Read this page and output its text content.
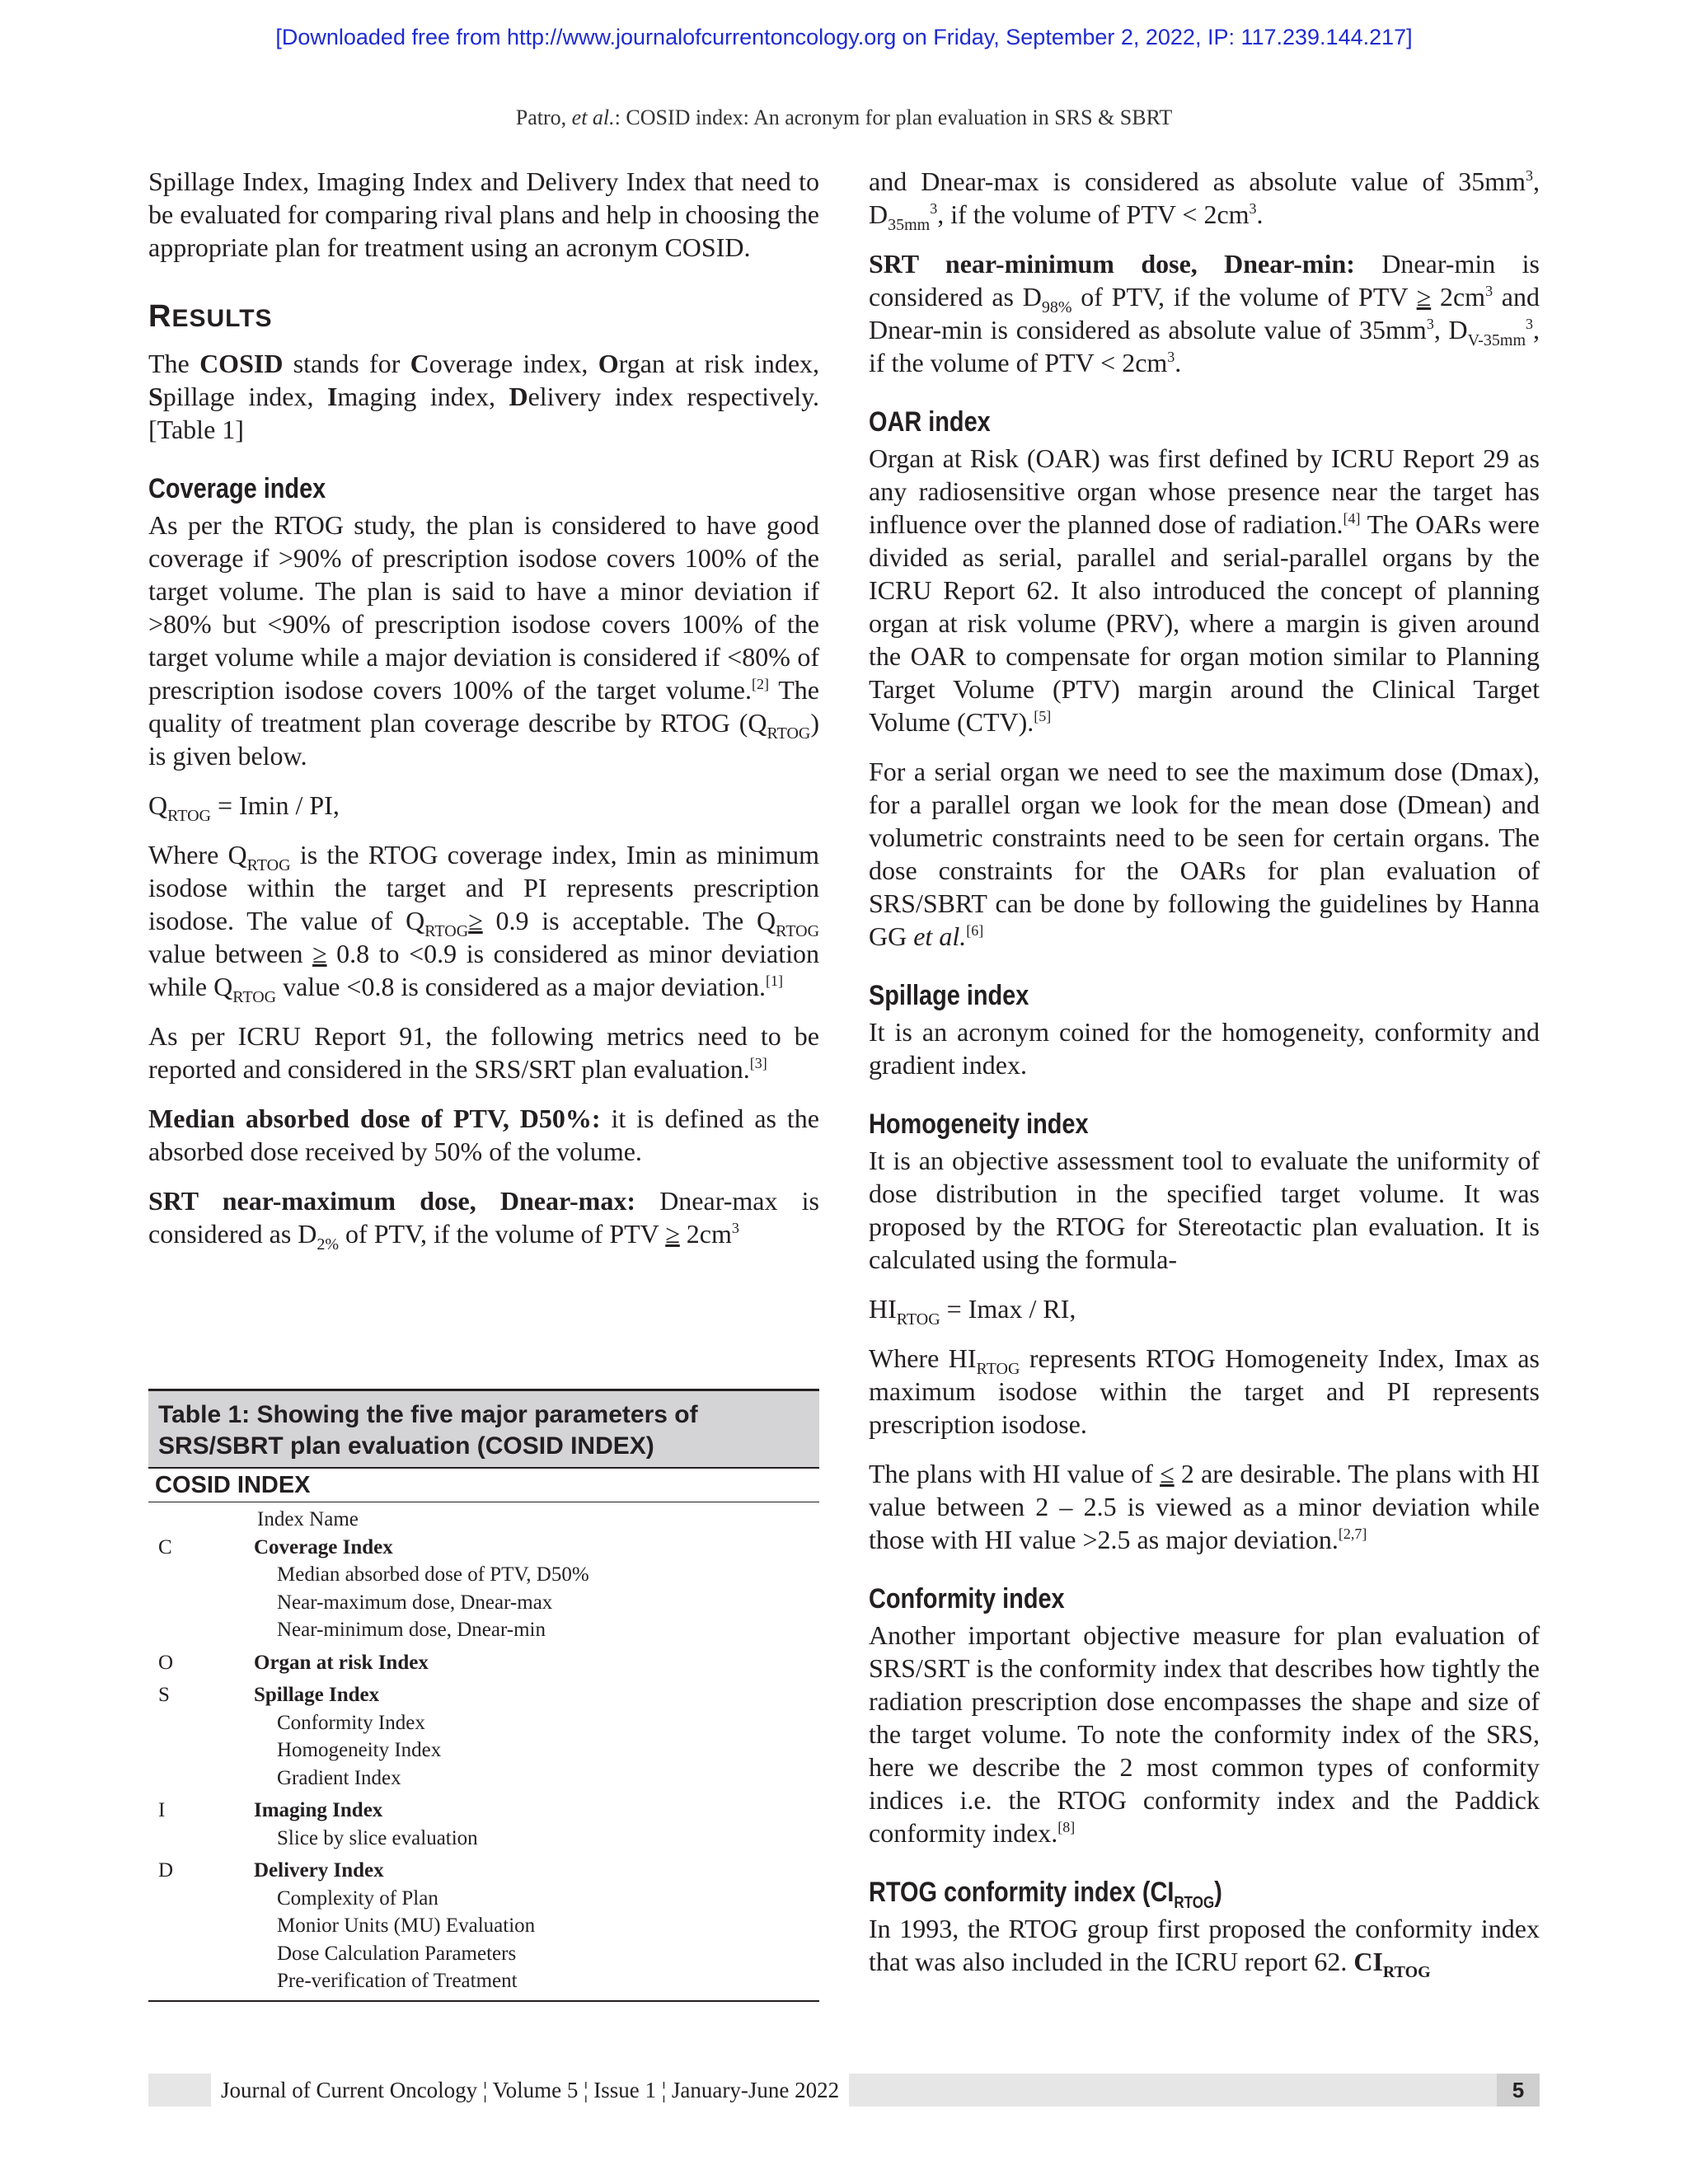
[Downloaded free from http://www.journalofcurrentoncology.org on Friday, September 2, 2022, IP: 117.239.144.217]
Patro, et al.: COSID index: An acronym for plan evaluation in SRS & SBRT

Spillage Index, Imaging Index and Delivery Index that need to be evaluated for comparing rival plans and help in choosing the appropriate plan for treatment using an acronym COSID.

RESULTS

The COSID stands for Coverage index, Organ at risk index, Spillage index, Imaging index, Delivery index respectively. [Table 1]

Coverage index

As per the RTOG study, the plan is considered to have good coverage if >90% of prescription isodose covers 100% of the target volume. The plan is said to have a minor deviation if >80% but <90% of prescription isodose covers 100% of the target volume while a major deviation is considered if <80% of prescription isodose covers 100% of the target volume.[2] The quality of treatment plan coverage describe by RTOG $(Q_{RTOG})$ is given below.

$Q_{RTOG} = Imin$ / PI,

Where $Q_{RTOG}$ is the RTOG coverage index, Imin as minimum isodose within the target and PI represents prescription isodose. The value of $Q_{RTOG}\ge 0.9$ is acceptable. The $Q_{RTOG}$ value between ≥ 0.8 to <0.9 is considered as minor deviation while $Q_{RTOG}$ value <0.8 is considered as a major deviation.[1]

As per ICRU Report 91, the following metrics need to be reported and considered in the SRS/SRT plan evaluation.[3]

Median absorbed dose of PTV, D50%: it is defined as the absorbed dose received by 50% of the volume.

SRT near-maximum dose, Dnear-max: Dnear-max is considered as $D_{2\%}$ of PTV, if the volume of PTV ≥ $2cm^3$

Table 1: Showing the five major parameters of SRS/SBRT plan evaluation (COSID INDEX)
COSID INDEX
Index Name
C	Coverage Index
Median absorbed dose of PTV, D50%
Near-maximum dose, Dnear-max
Near-minimum dose, Dnear-min
O	Organ at risk Index
S	Spillage Index
Conformity Index
Homogeneity Index
Gradient Index
I	Imaging Index
Slice by slice evaluation
D	Delivery Index
Complexity of Plan
Monior Units (MU) Evaluation
Dose Calculation Parameters
Pre-verification of Treatment

and Dnear-max is considered as absolute value of $35mm^3$, $D_{35mm}^3$, if the volume of PTV < $2cm^3$.

SRT near-minimum dose, Dnear-min: Dnear-min is considered as $D_{98\%}$ of PTV, if the volume of PTV ≥ $2cm^3$ and Dnear-min is considered as absolute value of $35mm^3$, $D_{V-35mm}^3$, if the volume of PTV < $2cm^3$.

OAR index

Organ at Risk (OAR) was first defined by ICRU Report 29 as any radiosensitive organ whose presence near the target has influence over the planned dose of radiation.[4] The OARs were divided as serial, parallel and serial-parallel organs by the ICRU Report 62. It also introduced the concept of planning organ at risk volume (PRV), where a margin is given around the OAR to compensate for organ motion similar to Planning Target Volume (PTV) margin around the Clinical Target Volume (CTV).[5]

For a serial organ we need to see the maximum dose (Dmax), for a parallel organ we look for the mean dose (Dmean) and volumetric constraints need to be seen for certain organs. The dose constraints for the OARs for plan evaluation of SRS/SBRT can be done by following the guidelines by Hanna GG et al.[6]

Spillage index

It is an acronym coined for the homogeneity, conformity and gradient index.

Homogeneity index

It is an objective assessment tool to evaluate the uniformity of dose distribution in the specified target volume. It was proposed by the RTOG for Stereotactic plan evaluation. It is calculated using the formula-

$HI_{RTOG} = Imax$ / RI,

Where $HI_{RTOG}$ represents RTOG Homogeneity Index, Imax as maximum isodose within the target and PI represents prescription isodose.

The plans with HI value of ≤ 2 are desirable. The plans with HI value between 2 – 2.5 is viewed as a minor deviation while those with HI value >2.5 as major deviation.[2,7]

Conformity index

Another important objective measure for plan evaluation of SRS/SRT is the conformity index that describes how tightly the radiation prescription dose encompasses the shape and size of the target volume. To note the conformity index of the SRS, here we describe the 2 most common types of conformity indices i.e. the RTOG conformity index and the Paddick conformity index.[8]

RTOG conformity index $(CI_{RTOG})$

In 1993, the RTOG group first proposed the conformity index that was also included in the ICRU report 62. $CI_{RTOG}$

Journal of Current Oncology ¦ Volume 5 ¦ Issue 1 ¦ January-June 2022	5
